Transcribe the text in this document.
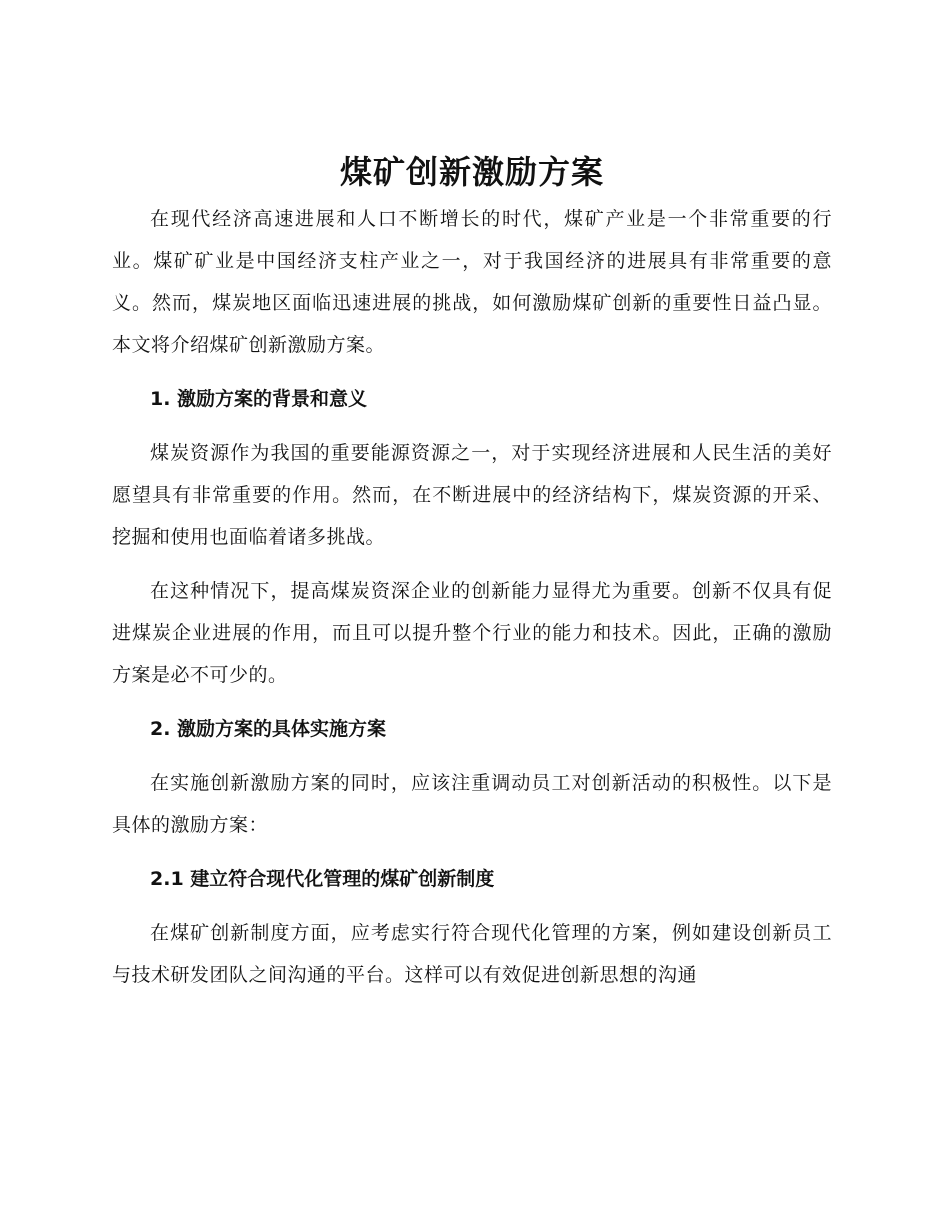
煤矿创新激励方案

在现代经济高速进展和人口不断增长的时代，煤矿产业是一个非常重要的行业。煤矿矿业是中国经济支柱产业之一，对于我国经济的进展具有非常重要的意义。然而，煤炭地区面临迅速进展的挑战，如何激励煤矿创新的重要性日益凸显。本文将介绍煤矿创新激励方案。

1. 激励方案的背景和意义

煤炭资源作为我国的重要能源资源之一，对于实现经济进展和人民生活的美好愿望具有非常重要的作用。然而，在不断进展中的经济结构下，煤炭资源的开采、挖掘和使用也面临着诸多挑战。

在这种情况下，提高煤炭资深企业的创新能力显得尤为重要。创新不仅具有促进煤炭企业进展的作用，而且可以提升整个行业的能力和技术。因此，正确的激励方案是必不可少的。

2. 激励方案的具体实施方案

在实施创新激励方案的同时，应该注重调动员工对创新活动的积极性。以下是具体的激励方案：

2.1 建立符合现代化管理的煤矿创新制度

在煤矿创新制度方面，应考虑实行符合现代化管理的方案，例如建设创新员工与技术研发团队之间沟通的平台。这样可以有效促进创新思想的沟通
